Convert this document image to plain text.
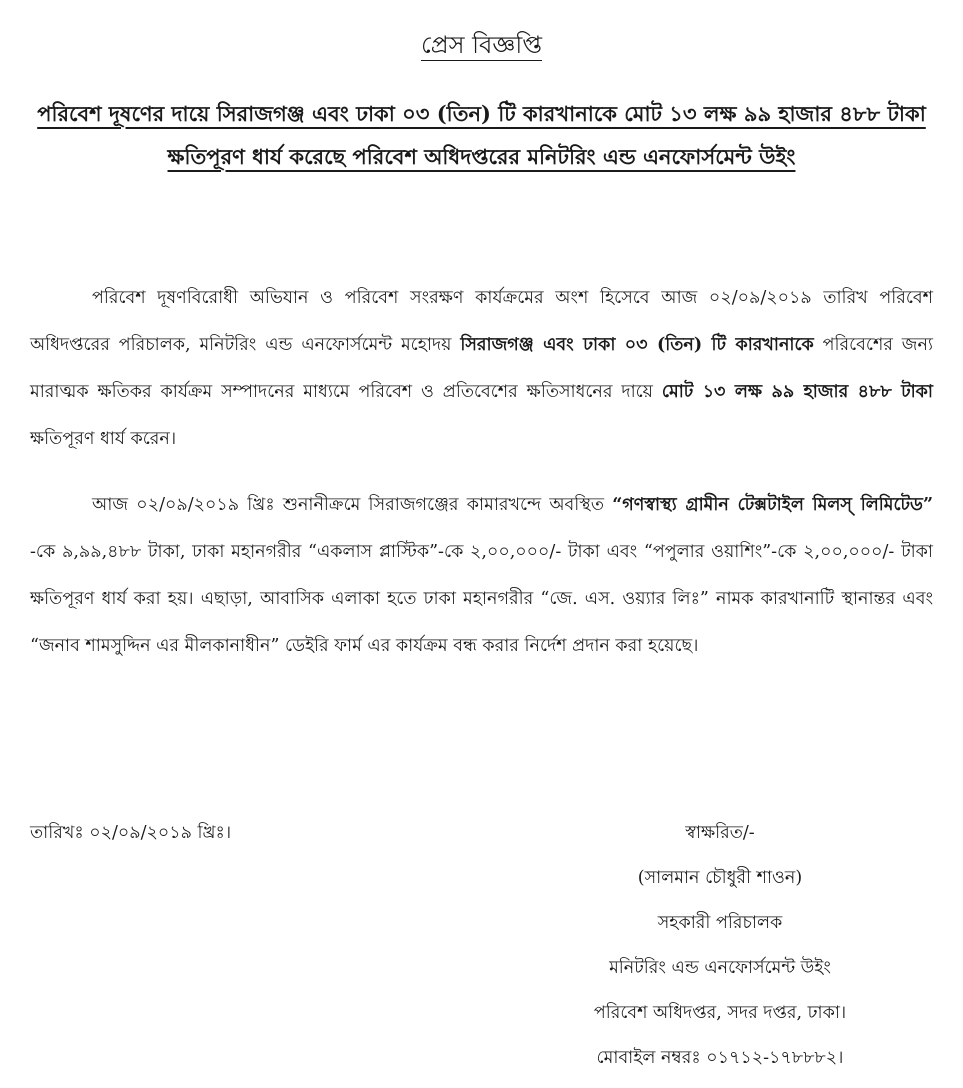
প্রেস বিজ্ঞপ্তি
পরিবেশ দূষণের দায়ে সিরাজগঞ্জ এবং ঢাকা ০৩ (তিন) টি কারখানাকে মোট ১৩ লক্ষ ৯৯ হাজার ৪৮৮ টাকা ক্ষতিপূরণ ধার্য করেছে পরিবেশ অধিদপ্তরের মনিটরিং এন্ড এনফোর্সমেন্ট উইং

পরিবেশ দূষণবিরোধী অভিযান ও পরিবেশ সংরক্ষণ কার্যক্রমের অংশ হিসেবে আজ ০২/০৯/২০১৯ তারিখ পরিবেশ অধিদপ্তরের পরিচালক, মনিটরিং এন্ড এনফোর্সমেন্ট মহোদয় সিরাজগঞ্জ এবং ঢাকা ০৩ (তিন) টি কারখানাকে পরিবেশের জন্য মারাত্মক ক্ষতিকর কার্যক্রম সম্পাদনের মাধ্যমে পরিবেশ ও প্রতিবেশের ক্ষতিসাধনের দায়ে মোট ১৩ লক্ষ ৯৯ হাজার ৪৮৮ টাকা ক্ষতিপূরণ ধার্য করেন।

আজ ০২/০৯/২০১৯ খ্রিঃ শুনানীক্রমে সিরাজগঞ্জের কামারখন্দে অবস্থিত “গণস্বাস্থ্য গ্রামীন টেক্সটাইল মিলস্ লিমিটেড” -কে ৯,৯৯,৪৮৮ টাকা, ঢাকা মহানগরীর “একলাস প্লাস্টিক”-কে ২,০০,০০০/- টাকা এবং “পপুলার ওয়াশিং”-কে ২,০০,০০০/- টাকা ক্ষতিপূরণ ধার্য করা হয়। এছাড়া, আবাসিক এলাকা হতে ঢাকা মহানগরীর “জে. এস. ওয়্যার লিঃ” নামক কারখানাটি স্থানান্তর এবং “জনাব শামসুদ্দিন এর মীলকানাধীন” ডেইরি ফার্ম এর কার্যক্রম বন্ধ করার নির্দেশ প্রদান করা হয়েছে।

তারিখঃ ০২/০৯/২০১৯ খ্রিঃ।	স্বাক্ষরিত/-
(সালমান চৌধুরী শাওন)
সহকারী পরিচালক
মনিটরিং এন্ড এনফোর্সমেন্ট উইং
পরিবেশ অধিদপ্তর, সদর দপ্তর, ঢাকা।
মোবাইল নম্বরঃ ০১৭১২-১৭৮৮৮২।
